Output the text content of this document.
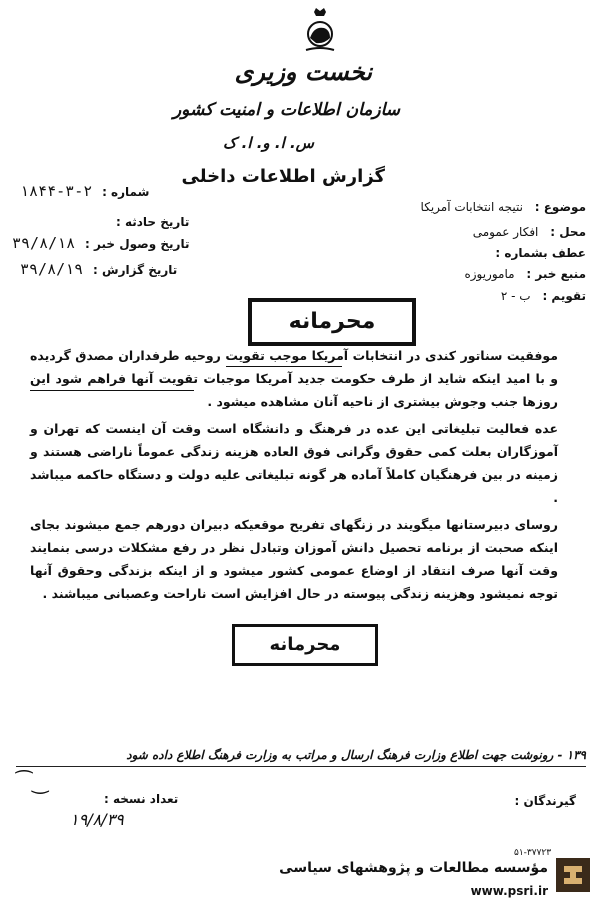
نخست وزیری
سازمان اطلاعات و امنیت کشور
س. ا. و. ا. ک
گزارش اطلاعات داخلی
موضوع : نتیجه انتخابات آمریکا
محل : افکار عمومی
عطف بشماره :
منبع خبر : ماموریوزه
تقویم : ب - ۲
شماره : ۲-۳-۱۸۴۴
تاریخ حادثه :
تاریخ وصول خبر : ۳۹/۸/۱۸
تاریخ گزارش : ۳۹/۸/۱۹
محرمانه

موفقیت سناتور کندی در انتخابات آمریکا موجب تقویت روحیه طرفداران مصدق گردیده و با امید اینکه شاید از طرف حکومت جدید آمریکا موجبات تقویت آنها فراهم شود این روزها جنب وجوش بیشتری از ناحیه آنان مشاهده میشود .

عده فعالیت تبلیغاتی این عده در فرهنگ و دانشگاه است وقت آن اینست که تهران و آموزگاران بعلت کمی حقوق وگرانی فوق العاده هزینه زندگی عموماً ناراضی هستند و زمینه در بین فرهنگیان کاملاً آماده هر گونه تبلیغاتی علیه دولت و دستگاه حاکمه میباشد .

روسای دبیرستانها میگویند در زنگهای تفریح موقعیکه دبیران دورهم جمع میشوند بجای اینکه صحبت از برنامه تحصیل دانش آموزان وتبادل نظر در رفع مشکلات درسی بنمایند وقت آنها صرف انتقاد از اوضاع عمومی کشور میشود و از اینکه بزندگی وحقوق آنها توجه نمیشود وهزینه زندگی پیوسته در حال افزایش است ناراحت وعصبانی میباشند .

محرمانه
۱۳۹ - رونوشت جهت اطلاع وزارت فرهنگ ارسال و مراتب به وزارت فرهنگ اطلاع داده شود
‿⁀
تعداد نسخه :	گیرندگان :
۱۹/۸/۳۹
۵۱-۳۷۷۲۳
مؤسسه مطالعات و پژوهشهای سیاسی
www.psri.ir
